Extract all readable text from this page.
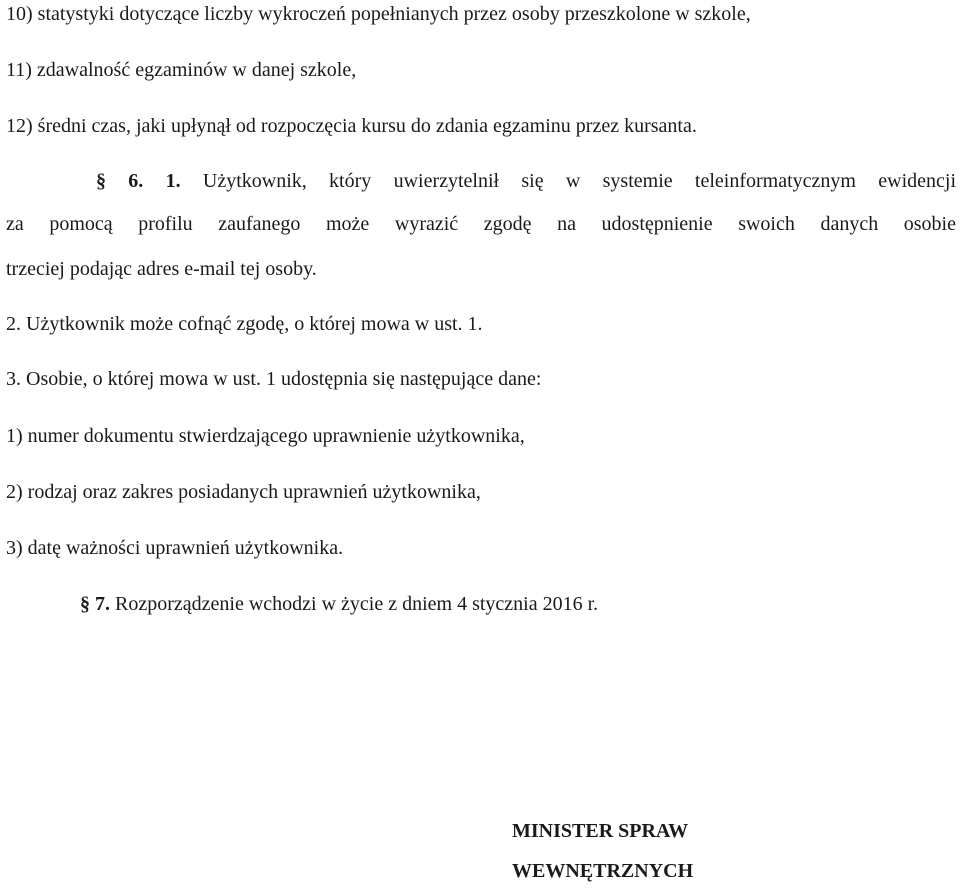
10) statystyki dotyczące liczby wykroczeń popełnianych przez osoby przeszkolone w szkole,
11) zdawalność egzaminów w danej szkole,
12) średni czas, jaki upłynął od rozpoczęcia kursu do zdania egzaminu przez kursanta.
§ 6. 1. Użytkownik, który uwierzytelnił się w systemie teleinformatycznym ewidencji
za pomocą profilu zaufanego może wyrazić zgodę na udostępnienie swoich danych osobie
trzeciej podając adres e-mail tej osoby.
2. Użytkownik może cofnąć zgodę, o której mowa w ust. 1.
3. Osobie, o której mowa w ust. 1 udostępnia się następujące dane:
1) numer dokumentu stwierdzającego uprawnienie użytkownika,
2) rodzaj oraz zakres posiadanych uprawnień użytkownika,
3) datę ważności uprawnień użytkownika.
§ 7. Rozporządzenie wchodzi w życie z dniem 4 stycznia 2016 r.
MINISTER SPRAW
WEWNĘTRZNYCH
